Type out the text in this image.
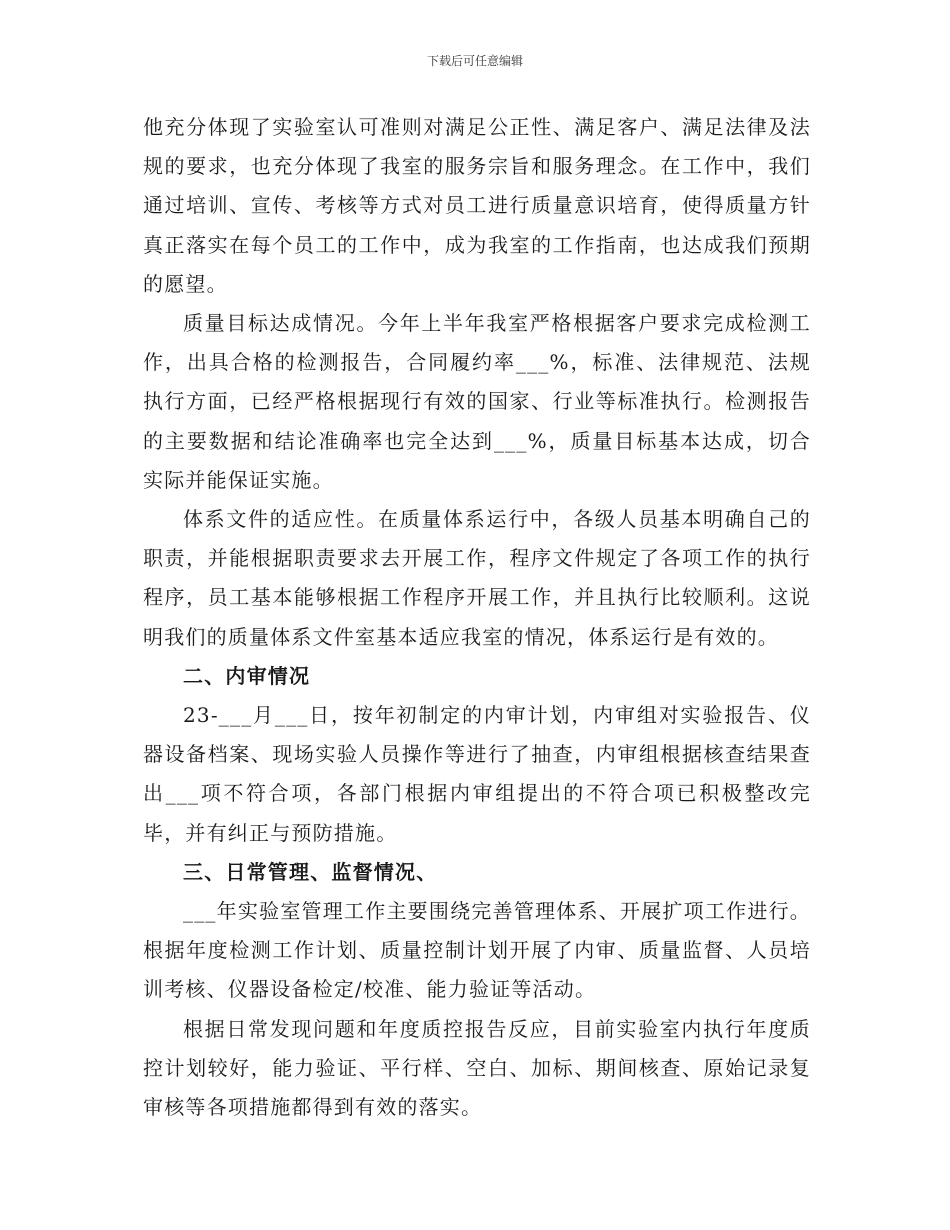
下载后可任意编辑

他充分体现了实验室认可准则对满足公正性、满足客户、满足法律及法规的要求，也充分体现了我室的服务宗旨和服务理念。在工作中，我们通过培训、宣传、考核等方式对员工进行质量意识培育，使得质量方针真正落实在每个员工的工作中，成为我室的工作指南，也达成我们预期的愿望。

质量目标达成情况。今年上半年我室严格根据客户要求完成检测工作，出具合格的检测报告，合同履约率___%，标准、法律规范、法规执行方面，已经严格根据现行有效的国家、行业等标准执行。检测报告的主要数据和结论准确率也完全达到___%，质量目标基本达成，切合实际并能保证实施。

体系文件的适应性。在质量体系运行中，各级人员基本明确自己的职责，并能根据职责要求去开展工作，程序文件规定了各项工作的执行程序，员工基本能够根据工作程序开展工作，并且执行比较顺利。这说明我们的质量体系文件室基本适应我室的情况，体系运行是有效的。

二、内审情况

23-___月___日，按年初制定的内审计划，内审组对实验报告、仪器设备档案、现场实验人员操作等进行了抽查，内审组根据核查结果查出___项不符合项，各部门根据内审组提出的不符合项已积极整改完毕，并有纠正与预防措施。

三、日常管理、监督情况、

___年实验室管理工作主要围绕完善管理体系、开展扩项工作进行。根据年度检测工作计划、质量控制计划开展了内审、质量监督、人员培训考核、仪器设备检定/校准、能力验证等活动。

根据日常发现问题和年度质控报告反应，目前实验室内执行年度质控计划较好，能力验证、平行样、空白、加标、期间核查、原始记录复审核等各项措施都得到有效的落实。
